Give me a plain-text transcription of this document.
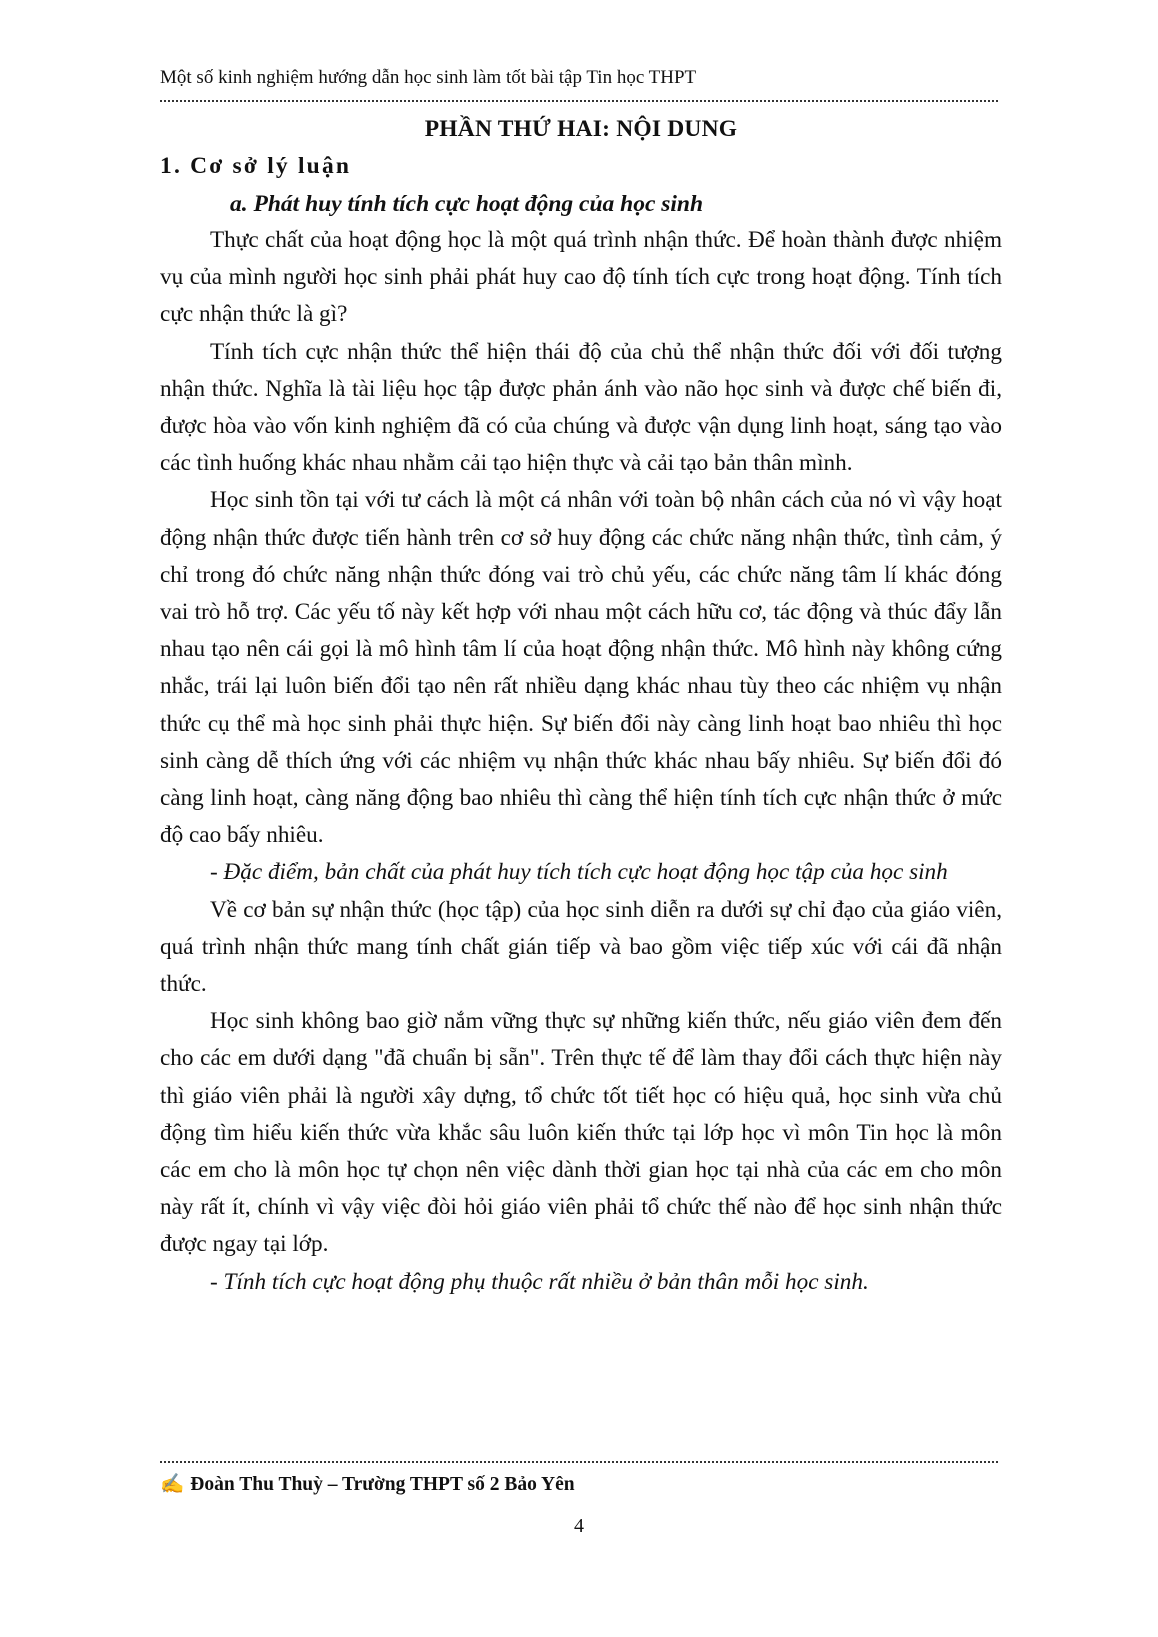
Một số kinh nghiệm hướng dẫn học sinh làm tốt bài tập Tin học THPT
PHẦN THỨ HAI: NỘI DUNG
1. Cơ sở lý luận
a. Phát huy tính tích cực hoạt động của học sinh

Thực chất của hoạt động học là một quá trình nhận thức. Để hoàn thành được nhiệm vụ của mình người học sinh phải phát huy cao độ tính tích cực trong hoạt động. Tính tích cực nhận thức là gì?

Tính tích cực nhận thức thể hiện thái độ của chủ thể nhận thức đối với đối tượng nhận thức. Nghĩa là tài liệu học tập được phản ánh vào não học sinh và được chế biến đi, được hòa vào vốn kinh nghiệm đã có của chúng và được vận dụng linh hoạt, sáng tạo vào các tình huống khác nhau nhằm cải tạo hiện thực và cải tạo bản thân mình.

Học sinh tồn tại với tư cách là một cá nhân với toàn bộ nhân cách của nó vì vậy hoạt động nhận thức được tiến hành trên cơ sở huy động các chức năng nhận thức, tình cảm, ý chỉ trong đó chức năng nhận thức đóng vai trò chủ yếu, các chức năng tâm lí khác đóng vai trò hỗ trợ. Các yếu tố này kết hợp với nhau một cách hữu cơ, tác động và thúc đẩy lẫn nhau tạo nên cái gọi là mô hình tâm lí của hoạt động nhận thức. Mô hình này không cứng nhắc, trái lại luôn biến đổi tạo nên rất nhiều dạng khác nhau tùy theo các nhiệm vụ nhận thức cụ thể mà học sinh phải thực hiện. Sự biến đổi này càng linh hoạt bao nhiêu thì học sinh càng dễ thích ứng với các nhiệm vụ nhận thức khác nhau bấy nhiêu. Sự biến đổi đó càng linh hoạt, càng năng động bao nhiêu thì càng thể hiện tính tích cực nhận thức ở mức độ cao bấy nhiêu.

- Đặc điểm, bản chất của phát huy tích tích cực hoạt động học tập của học sinh

Về cơ bản sự nhận thức (học tập) của học sinh diễn ra dưới sự chỉ đạo của giáo viên, quá trình nhận thức mang tính chất gián tiếp và bao gồm việc tiếp xúc với cái đã nhận thức.

Học sinh không bao giờ nắm vững thực sự những kiến thức, nếu giáo viên đem đến cho các em dưới dạng "đã chuẩn bị sẵn". Trên thực tế để làm thay đổi cách thực hiện này thì giáo viên phải là người xây dựng, tổ chức tốt tiết học có hiệu quả, học sinh vừa chủ động tìm hiểu kiến thức vừa khắc sâu luôn kiến thức tại lớp học vì môn Tin học là môn các em cho là môn học tự chọn nên việc dành thời gian học tại nhà của các em cho môn này rất ít, chính vì vậy việc đòi hỏi giáo viên phải tổ chức thế nào để học sinh nhận thức được ngay tại lớp.

- Tính tích cực hoạt động phụ thuộc rất nhiều ở bản thân mỗi học sinh.

✍ Đoàn Thu Thuỳ – Trường THPT số 2 Bảo Yên
4
